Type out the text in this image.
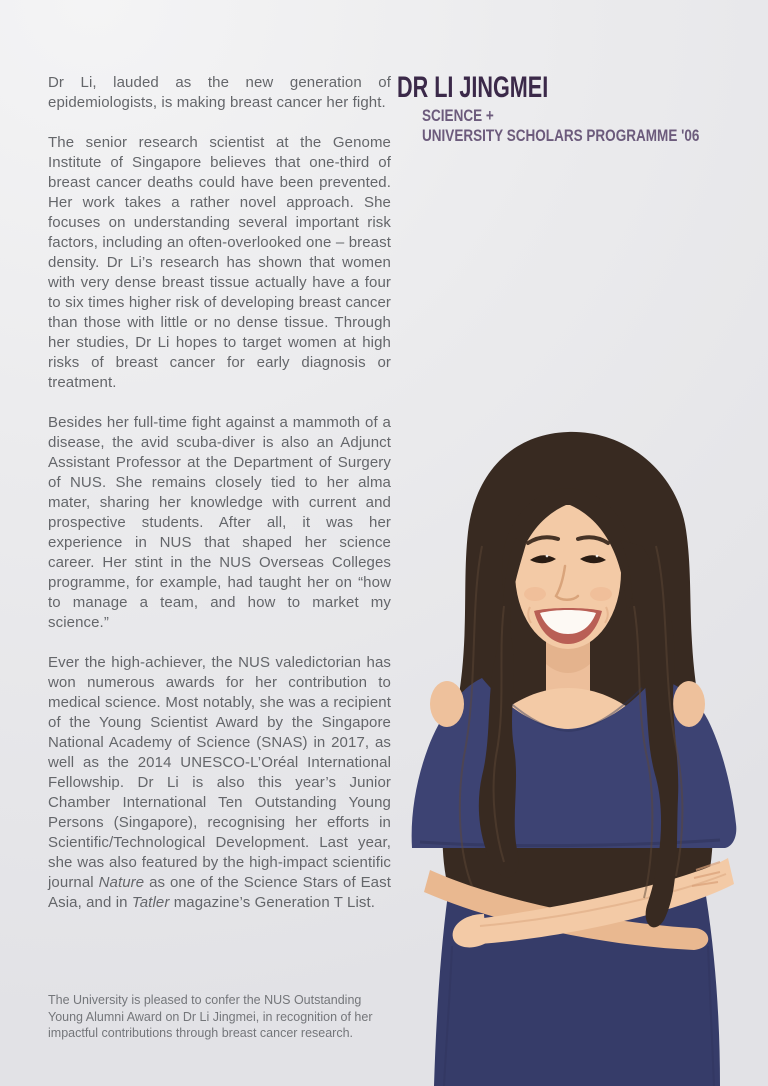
Dr Li, lauded as the new generation of epidemiologists, is making breast cancer her fight.

The senior research scientist at the Genome Institute of Singapore believes that one-third of breast cancer deaths could have been prevented. Her work takes a rather novel approach. She focuses on understanding several important risk factors, including an often-overlooked one – breast density. Dr Li’s research has shown that women with very dense breast tissue actually have a four to six times higher risk of developing breast cancer than those with little or no dense tissue. Through her studies, Dr Li hopes to target women at high risks of breast cancer for early diagnosis or treatment.

Besides her full-time fight against a mammoth of a disease, the avid scuba-diver is also an Adjunct Assistant Professor at the Department of Surgery of NUS. She remains closely tied to her alma mater, sharing her knowledge with current and prospective students. After all, it was her experience in NUS that shaped her science career. Her stint in the NUS Overseas Colleges programme, for example, had taught her on “how to manage a team, and how to market my science.”

Ever the high-achiever, the NUS valedictorian has won numerous awards for her contribution to medical science. Most notably, she was a recipient of the Young Scientist Award by the Singapore National Academy of Science (SNAS) in 2017, as well as the 2014 UNESCO-L’Oréal International Fellowship. Dr Li is also this year’s Junior Chamber International Ten Outstanding Young Persons (Singapore), recognising her efforts in Scientific/Technological Development. Last year, she was also featured by the high-impact scientific journal Nature as one of the Science Stars of East Asia, and in Tatler magazine’s Generation T List.

The University is pleased to confer the NUS Outstanding Young Alumni Award on Dr Li Jingmei, in recognition of her impactful contributions through breast cancer research.

DR LI JINGMEI
SCIENCE +
UNIVERSITY SCHOLARS PROGRAMME '06
